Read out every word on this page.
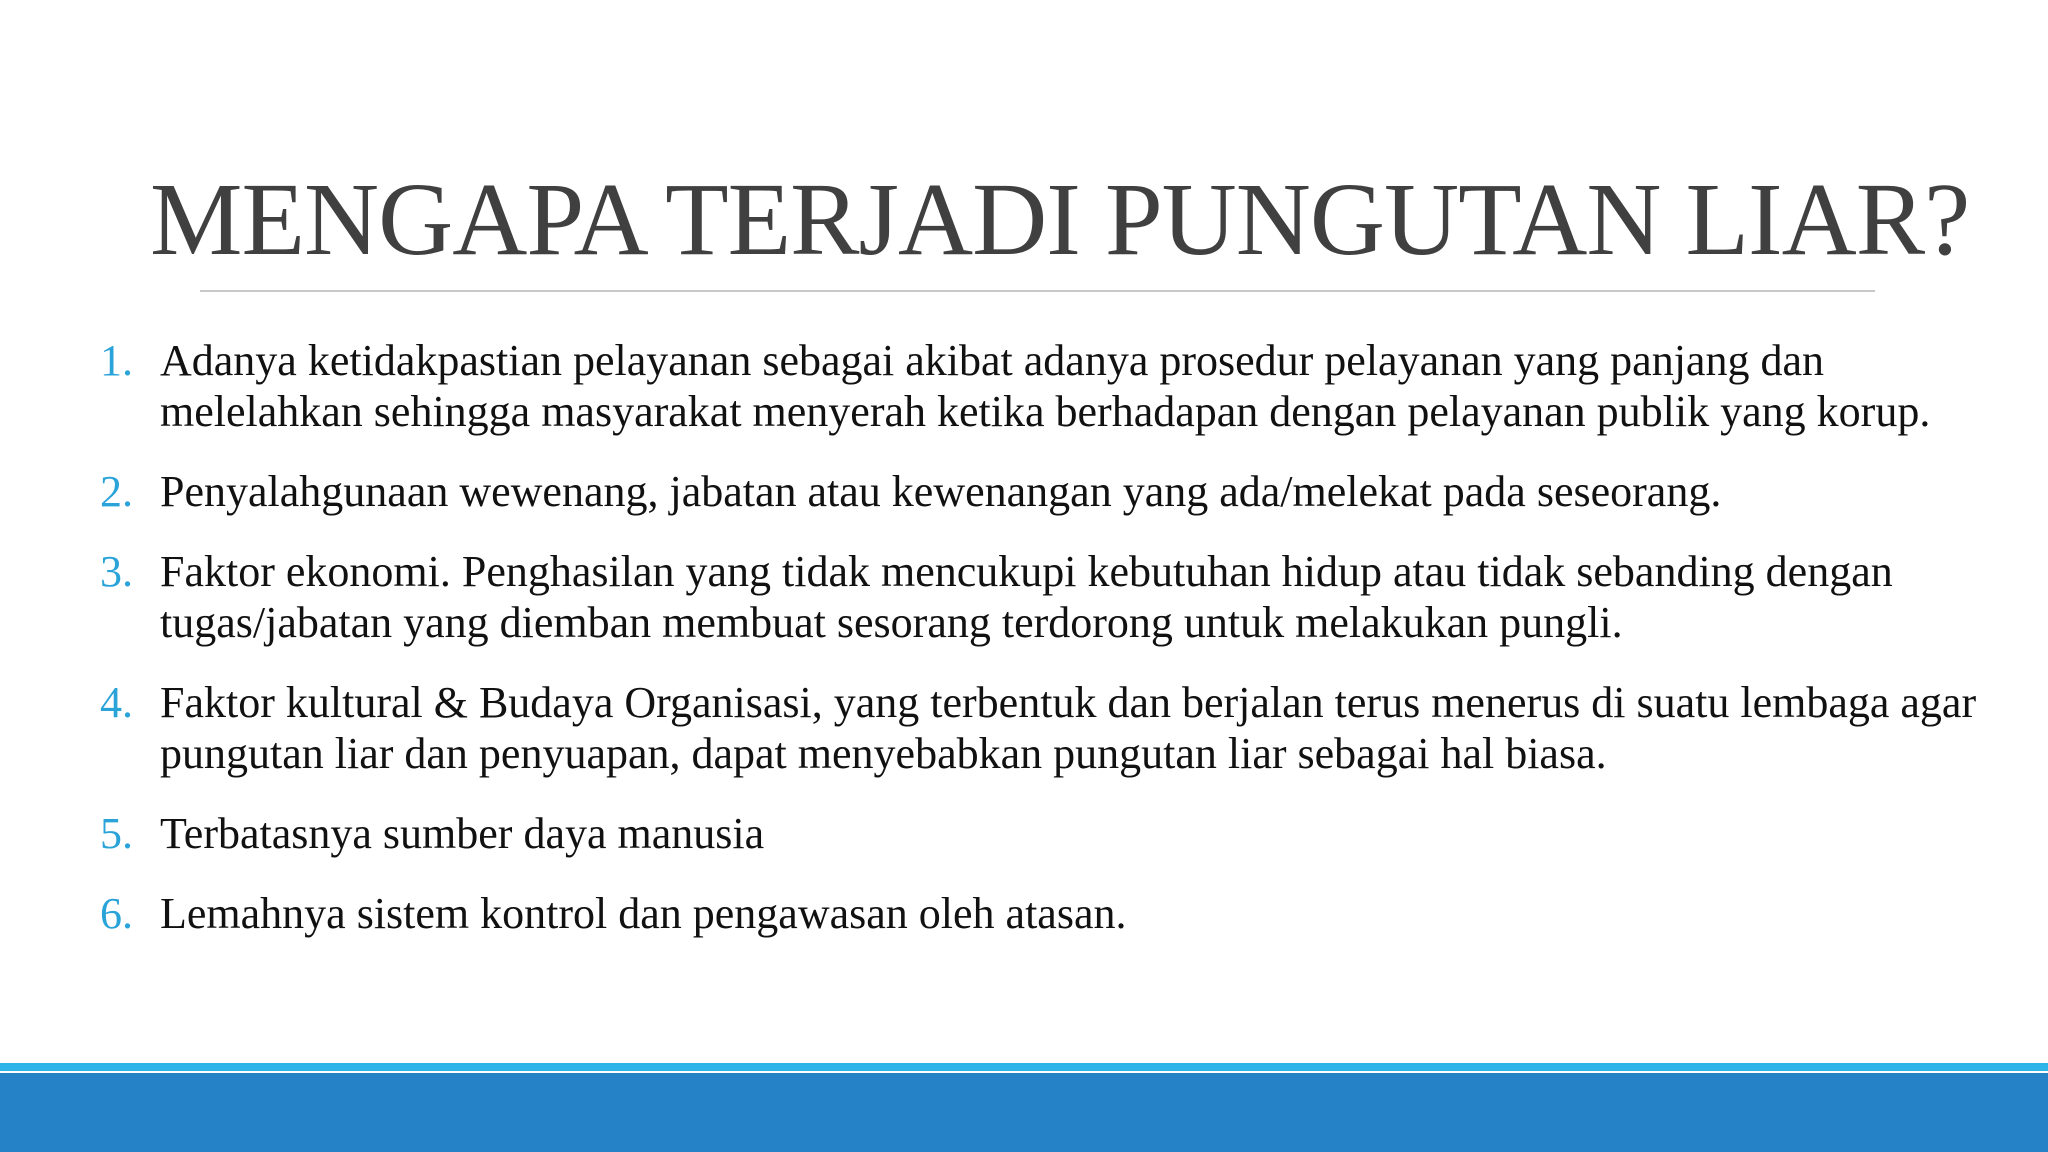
MENGAPA TERJADI PUNGUTAN LIAR?
1. Adanya ketidakpastian pelayanan sebagai akibat adanya prosedur pelayanan yang panjang dan melelahkan sehingga masyarakat menyerah ketika berhadapan dengan pelayanan publik yang korup.
2. Penyalahgunaan wewenang, jabatan atau kewenangan yang ada/melekat pada seseorang.
3. Faktor ekonomi. Penghasilan yang tidak mencukupi kebutuhan hidup atau tidak sebanding dengan tugas/jabatan yang diemban membuat sesorang terdorong untuk melakukan pungli.
4. Faktor kultural & Budaya Organisasi, yang terbentuk dan berjalan terus menerus di suatu lembaga agar pungutan liar dan penyuapan, dapat menyebabkan pungutan liar sebagai hal biasa.
5. Terbatasnya sumber daya manusia
6. Lemahnya sistem kontrol dan pengawasan oleh atasan.
